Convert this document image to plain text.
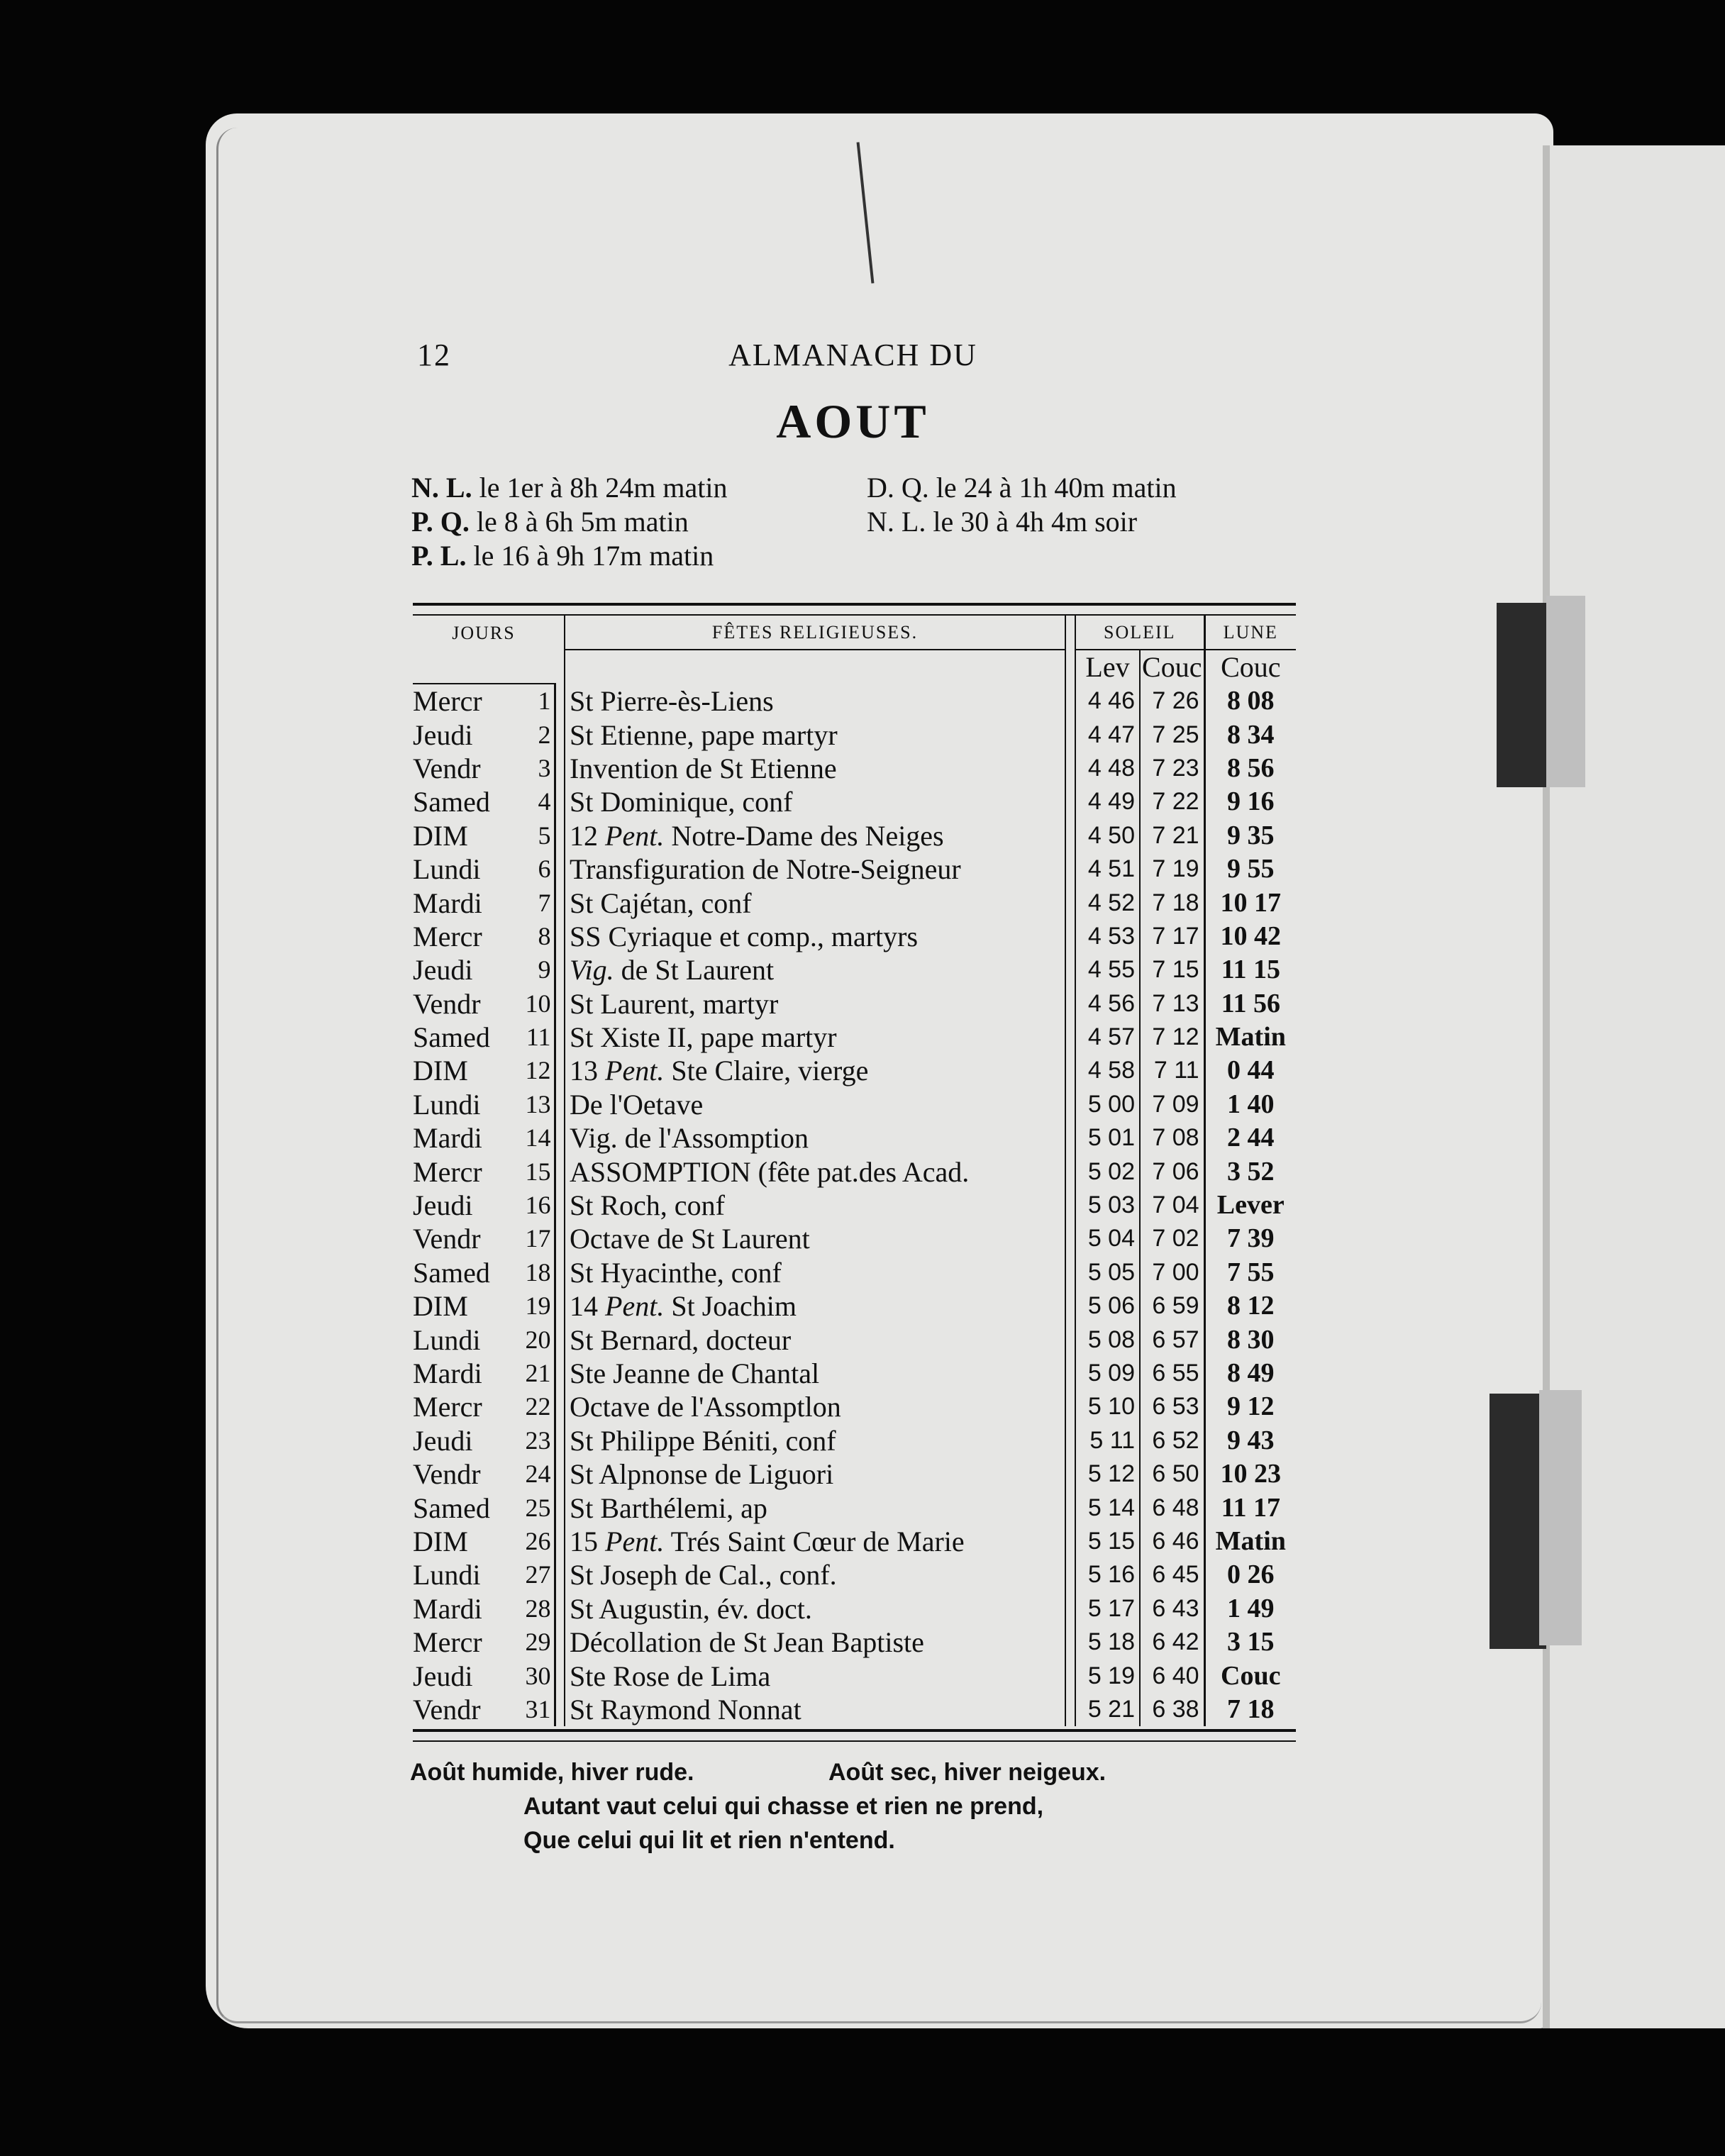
12	ALMANACH DU
AOUT
N. L. le 1er à 8h 24m matin
P. Q. le 8 à 6h 5m matin
P. L. le 16 à 9h 17m matin
D. Q. le 24 à 1h 40m matin
N. L. le 30 à 4h 4m soir
JOURS			FÊTES RELIGIEUSES.		SOLEIL		LUNE
					Lev	Couc	Couc
Mercr	1		St Pierre-ès-Liens		4 46	7 26	8 08
Jeudi	2		St Etienne, pape martyr		4 47	7 25	8 34
Vendr	3		Invention de St Etienne		4 48	7 23	8 56
Samed	4		St Dominique, conf		4 49	7 22	9 16
DIM	5		12 Pent. Notre-Dame des Neiges		4 50	7 21	9 35
Lundi	6		Transfiguration de Notre-Seigneur		4 51	7 19	9 55
Mardi	7		St Cajétan, conf		4 52	7 18	10 17
Mercr	8		SS Cyriaque et comp., martyrs		4 53	7 17	10 42
Jeudi	9		Vig. de St Laurent		4 55	7 15	11 15
Vendr	10		St Laurent, martyr		4 56	7 13	11 56
Samed	11		St Xiste II, pape martyr		4 57	7 12	Matin
DIM	12		13 Pent. Ste Claire, vierge		4 58	7 11	0 44
Lundi	13		De l'Oetave		5 00	7 09	1 40
Mardi	14		Vig. de l'Assomption		5 01	7 08	2 44
Mercr	15		ASSOMPTION (fête pat.des Acad.		5 02	7 06	3 52
Jeudi	16		St Roch, conf		5 03	7 04	Lever
Vendr	17		Octave de St Laurent		5 04	7 02	7 39
Samed	18		St Hyacinthe, conf		5 05	7 00	7 55
DIM	19		14 Pent. St Joachim		5 06	6 59	8 12
Lundi	20		St Bernard, docteur		5 08	6 57	8 30
Mardi	21		Ste Jeanne de Chantal		5 09	6 55	8 49
Mercr	22		Octave de l'Assomptlon		5 10	6 53	9 12
Jeudi	23		St Philippe Béniti, conf		5 11	6 52	9 43
Vendr	24		St Alpnonse de Liguori		5 12	6 50	10 23
Samed	25		St Barthélemi, ap		5 14	6 48	11 17
DIM	26		15 Pent. Trés Saint Cœur de Marie		5 15	6 46	Matin
Lundi	27		St Joseph de Cal., conf.		5 16	6 45	0 26
Mardi	28		St Augustin, év. doct.		5 17	6 43	1 49
Mercr	29		Décollation de St Jean Baptiste		5 18	6 42	3 15
Jeudi	30		Ste Rose de Lima		5 19	6 40	Couc
Vendr	31		St Raymond Nonnat		5 21	6 38	7 18
Août humide, hiver rude.	Août sec, hiver neigeux.
Autant vaut celui qui chasse et rien ne prend,
Que celui qui lit et rien n'entend.
